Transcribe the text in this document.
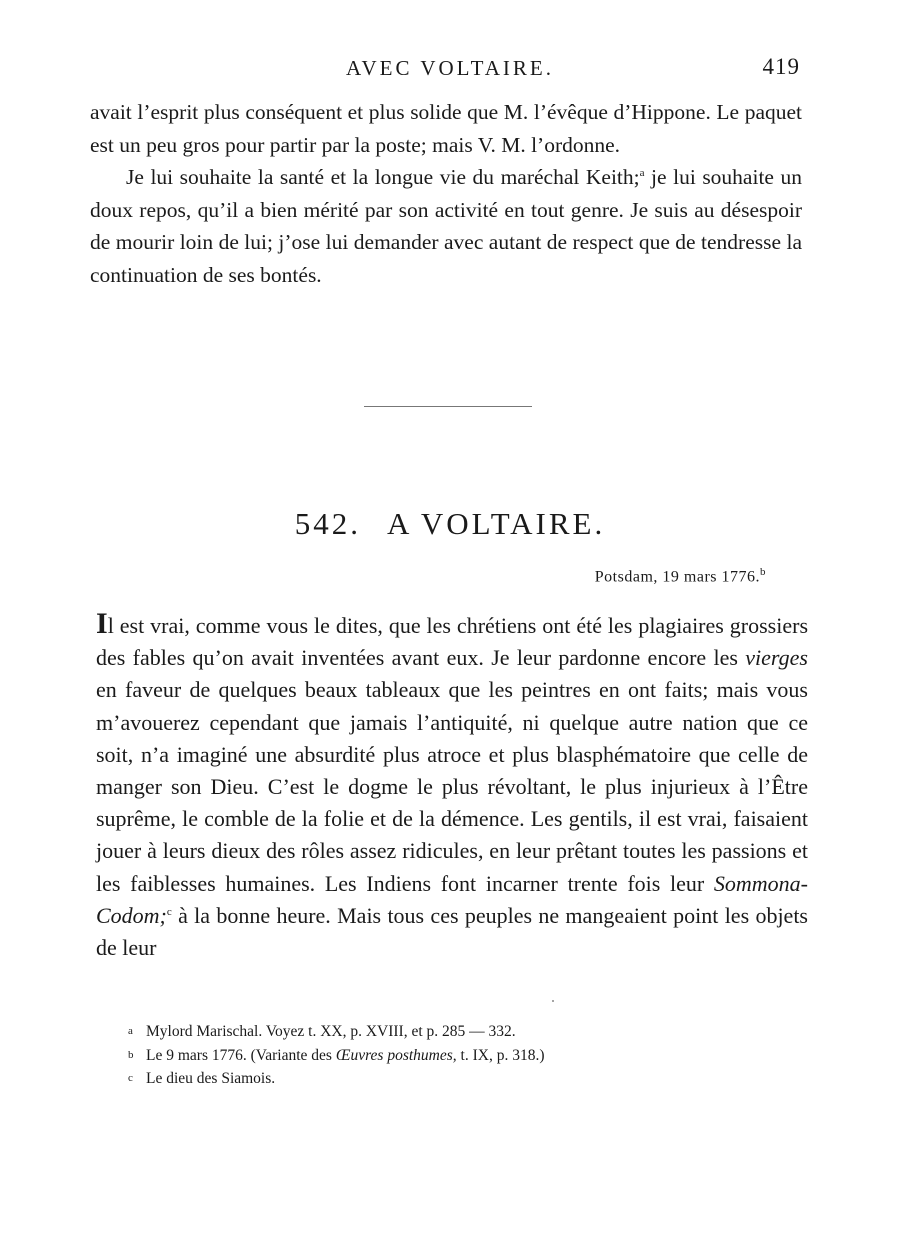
AVEC VOLTAIRE.	419

avait l’esprit plus conséquent et plus solide que M. l’évêque d’Hippone. Le paquet est un peu gros pour partir par la poste; mais V. M. l’ordonne.

Je lui souhaite la santé et la longue vie du maréchal Keith;$^a$ je lui souhaite un doux repos, qu’il a bien mérité par son activité en tout genre. Je suis au désespoir de mourir loin de lui; j’ose lui demander avec autant de respect que de tendresse la continuation de ses bontés.

542. A VOLTAIRE.
Potsdam, 19 mars 1776.$^b$

Il est vrai, comme vous le dites, que les chrétiens ont été les plagiaires grossiers des fables qu’on avait inventées avant eux. Je leur pardonne encore les vierges en faveur de quelques beaux tableaux que les peintres en ont faits; mais vous m’avouerez cependant que jamais l’antiquité, ni quelque autre nation que ce soit, n’a imaginé une absurdité plus atroce et plus blasphématoire que celle de manger son Dieu. C’est le dogme le plus révoltant, le plus injurieux à l’Être suprême, le comble de la folie et de la démence. Les gentils, il est vrai, faisaient jouer à leurs dieux des rôles assez ridicules, en leur prêtant toutes les passions et les faiblesses humaines. Les Indiens font incarner trente fois leur Sommona-Codom;$^c$ à la bonne heure. Mais tous ces peuples ne mangeaient point les objets de leur

a Mylord Marischal. Voyez t. XX, p. XVIII, et p. 285 — 332.
b Le 9 mars 1776. (Variante des Œuvres posthumes, t. IX, p. 318.)
c Le dieu des Siamois.
